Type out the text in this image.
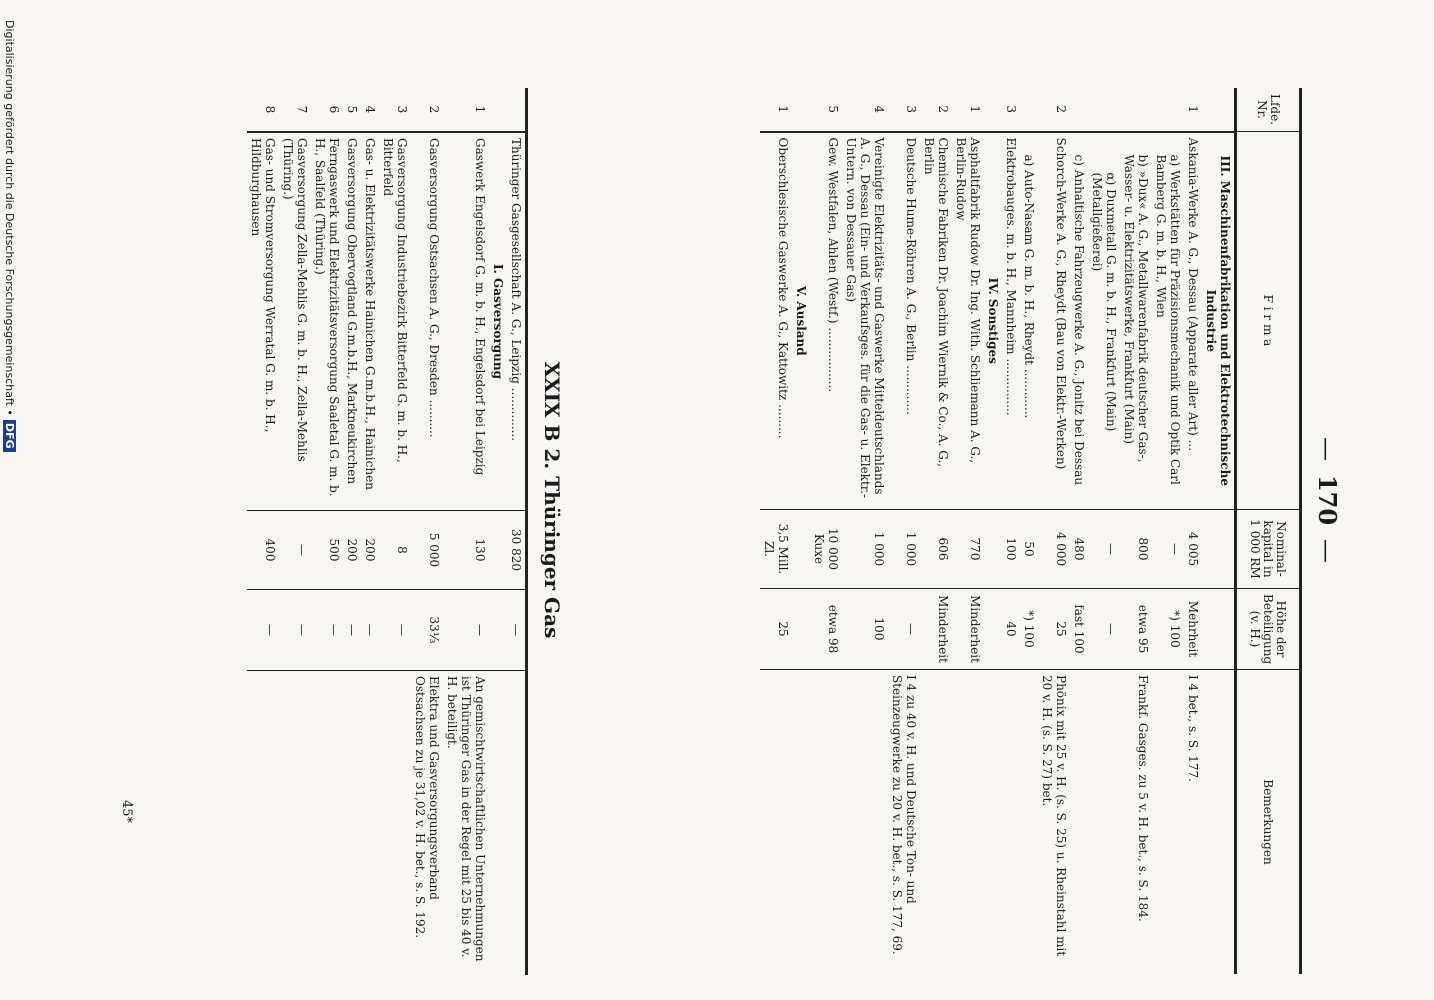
—170—
Lfde. Nr.	F i r m a	Nominal-kapital in 1 000 RM	Höhe der Beteiligung (v. H.)	Bemerkungen
	III. Maschinenfabrikation und Elektrotechnische Industrie			
1	Askania-Werke A. G., Dessau (Apparate aller Art) ...	4 005	Mehrheit	I 4 bet., s. S. 177.
	a) Werkstätten für Präzisionsmechanik und Optik Carl Bamberg G. m. b. H., Wien	—	*) 100	
	b) »Dux« A. G., Metallwarenfabrik deutscher Gas-, Wasser- u. Elektrizitätswerke, Frankfurt (Main)	800	etwa 95	Frankf. Gasges. zu 5 v. H. bet., s. S. 184.
	α) Duxmetall G. m. b. H., Frankfurt (Main) (Metallgießerei)	—	—	
	c) Anhaltische Fahrzeugwerke A. G., Jonitz bei Dessau	480	fast 100	
2	Schorch-Werke A. G., Rheydt (Bau von Elektr.-Werken)	4 000	25	Phönix mit 25 v. H. (s. S. 25) u. Rheinstahl mit 20 v. H. (s. S. 27) bet.
	a) Auto-Nasam G. m. b. H., Rheydt .............	50	*) 100	
3	Elektrobauges. m. b. H., Mannheim ...............	100	40	
	IV. Sonstiges			
1	Asphaltfabrik Rudow Dr. Ing. With. Schliemann A. G., Berlin-Rudow	770	Minderheit	
2	Chemische Fabriken Dr. Joachim Wiernik & Co., A. G., Berlin	606	Minderheit	
3	Deutsche Hume-Röhren A. G., Berlin .............	1 000	—	I 4 zu 40 v. H. und Deutsche Ton- und Steinzeugwerke zu 20 v. H. bet., s. S. 177, 69.
4	Vereinigte Elektrizitäts- und Gaswerke Mitteldeutschlands A. G., Dessau (Ein- und Verkaufsges. für die Gas- u. Elektr.-Untern. von Dessauer Gas)	1 000	100	
5	Gew. Westfalen, Ahlen (Westf.) .................	10 000 Kuxe	etwa 98	
	V. Ausland			
1	Oberschlesische Gaswerke A. G., Kattowitz .........	3,5 Mill. Zl.	25	
XXIX B 2. Thüringer Gas
	Thüringer Gasgesellschaft A. G., Leipzig ..............	30 820	—	
	I. Gasversorgung			
1	Gaswerk Engelsdorf G. m. b. H., Engelsdorf bei Leipzig	130	—	An gemischtwirtschaftlichen Unternehmungen ist Thüringer Gas in der Regel mit 25 bis 40 v. H. beteiligt.
2	Gasversorgung Ostsachsen A. G., Dresden ..........	5 000	33⅓	Elektra und Gasversorgungsverband Ostsachsen zu je 31,02 v. H. bet., s. S. 192.
3	Gasversorgung Industriebezirk Bitterfeld G. m. b. H., Bitterfeld	8	—	
4	Gas- u. Elektrizitätswerke Hainichen G.m.b.H., Hainichen	200	—	
5	Gasversorgung Obervogtland G.m.b.H., Markneukirchen	200	—	
6	Ferngaswerk und Elektrizitätsversorgung Saaletal G. m. b. H., Saalfeld (Thüring.)	500	—	
7	Gasversorgung Zella-Mehlis G. m. b. H., Zella-Mehlis (Thüring.)	—	—	
8	Gas- und Stromversorgung Werratal G. m. b. H., Hildburghausen	400	—	
45*
Digitalisierung gefördert durch die Deutsche Forschungsgemeinschaft •DFG
